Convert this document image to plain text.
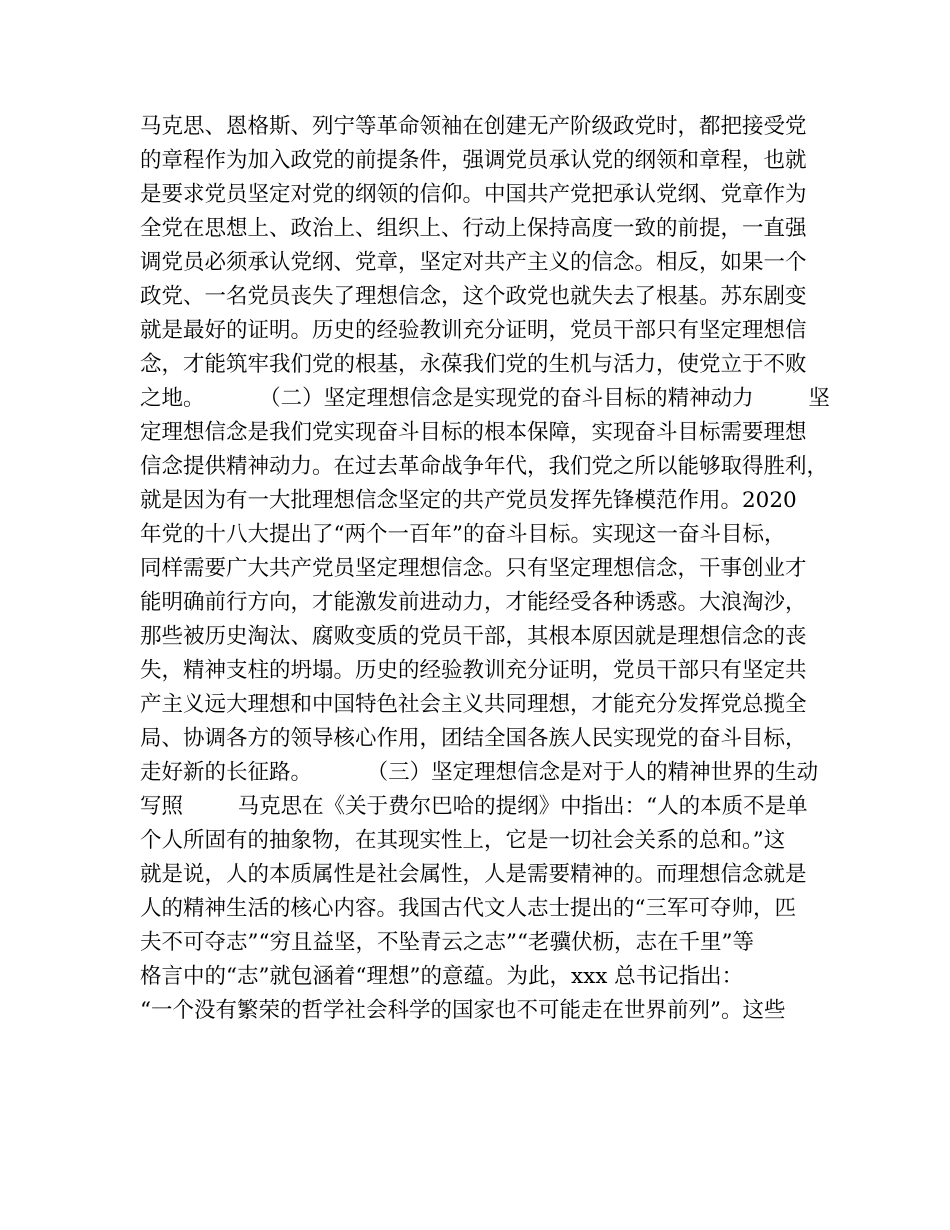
马克思、恩格斯、列宁等革命领袖在创建无产阶级政党时，都把接受党
的章程作为加入政党的前提条件，强调党员承认党的纲领和章程，也就
是要求党员坚定对党的纲领的信仰。中国共产党把承认党纲、党章作为
全党在思想上、政治上、组织上、行动上保持高度一致的前提，一直强
调党员必须承认党纲、党章，坚定对共产主义的信念。相反，如果一个
政党、一名党员丧失了理想信念，这个政党也就失去了根基。苏东剧变
就是最好的证明。历史的经验教训充分证明，党员干部只有坚定理想信
念，才能筑牢我们党的根基，永葆我们党的生机与活力，使党立于不败
之地。        （二）坚定理想信念是实现党的奋斗目标的精神动力        坚
定理想信念是我们党实现奋斗目标的根本保障，实现奋斗目标需要理想
信念提供精神动力。在过去革命战争年代，我们党之所以能够取得胜利，
就是因为有一大批理想信念坚定的共产党员发挥先锋模范作用。2020
年党的十八大提出了“两个一百年”的奋斗目标。实现这一奋斗目标，
同样需要广大共产党员坚定理想信念。只有坚定理想信念，干事创业才
能明确前行方向，才能激发前进动力，才能经受各种诱惑。大浪淘沙，
那些被历史淘汰、腐败变质的党员干部，其根本原因就是理想信念的丧
失，精神支柱的坍塌。历史的经验教训充分证明，党员干部只有坚定共
产主义远大理想和中国特色社会主义共同理想，才能充分发挥党总揽全
局、协调各方的领导核心作用，团结全国各族人民实现党的奋斗目标，
走好新的长征路。        （三）坚定理想信念是对于人的精神世界的生动
写照        马克思在《关于费尔巴哈的提纲》中指出：“人的本质不是单
个人所固有的抽象物，在其现实性上，它是一切社会关系的总和。”这
就是说，人的本质属性是社会属性，人是需要精神的。而理想信念就是
人的精神生活的核心内容。我国古代文人志士提出的“三军可夺帅，匹
夫不可夺志”“穷且益坚，不坠青云之志”“老骥伏枥，志在千里”等
格言中的“志”就包涵着“理想”的意蕴。为此，xxx 总书记指出：
“一个没有繁荣的哲学社会科学的国家也不可能走在世界前列”。这些
